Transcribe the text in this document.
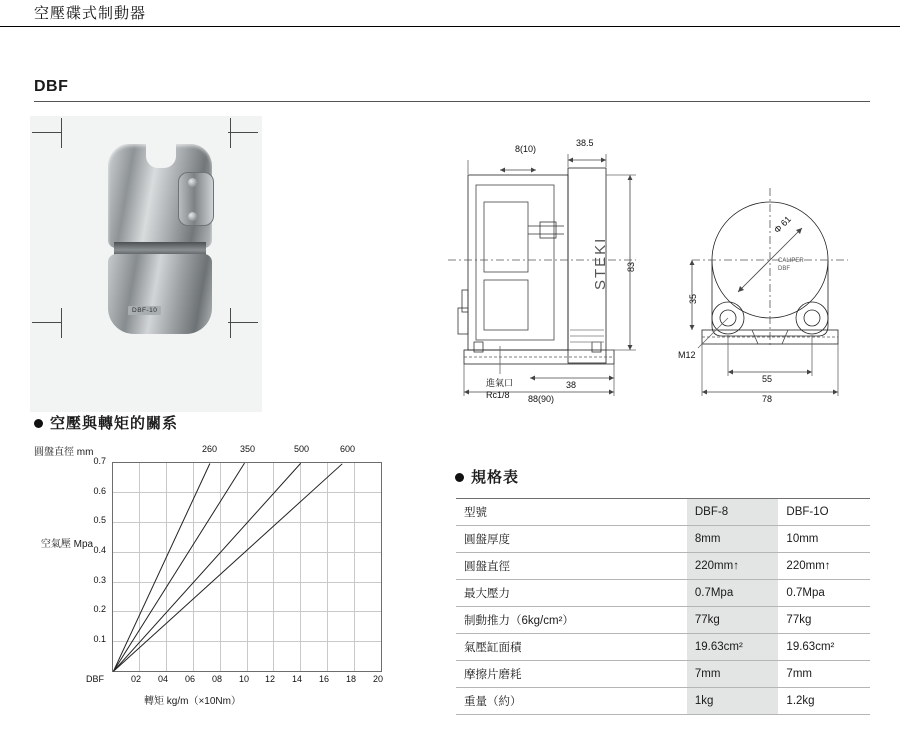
空壓碟式制動器
DBF
DBF-10
8(10)
38.5
83
38
88(90)
進氣口
Rc1/8
STEKI
Φ 61
CALIPER
DBF
35
M12
55
78
空壓與轉矩的關系
圓盤直徑 mm
0.7
0.6
0.5
0.4
0.3
0.2
0.1
空氣壓 Mpa
DBF	02	04	06	08	10	12	14	16	18	20
轉矩 kg/m（×10Nm）
260	350	500	600
規格表
型號	DBF-8	DBF-1O
圓盤厚度	8mm	10mm
圓盤直徑	220mm↑	220mm↑
最大壓力	0.7Mpa	0.7Mpa
制動推力（6kg/cm²）	77kg	77kg
氣壓缸面積	19.63cm²	19.63cm²
摩擦片磨耗	7mm	7mm
重量（約）	1kg	1.2kg
